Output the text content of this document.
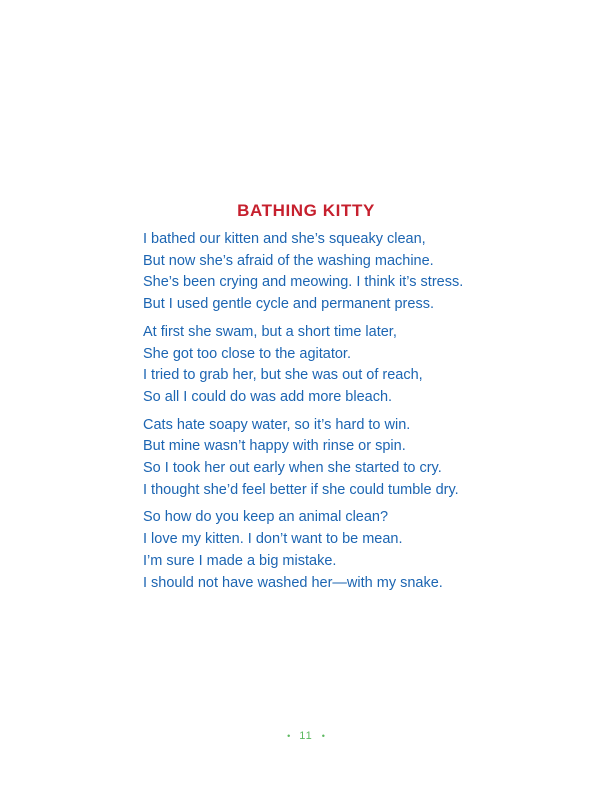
BATHING KITTY
I bathed our kitten and she’s squeaky clean,
But now she’s afraid of the washing machine.
She’s been crying and meowing. I think it’s stress.
But I used gentle cycle and permanent press.
At first she swam, but a short time later,
She got too close to the agitator.
I tried to grab her, but she was out of reach,
So all I could do was add more bleach.
Cats hate soapy water, so it’s hard to win.
But mine wasn’t happy with rinse or spin.
So I took her out early when she started to cry.
I thought she’d feel better if she could tumble dry.
So how do you keep an animal clean?
I love my kitten. I don’t want to be mean.
I’m sure I made a big mistake.
I should not have washed her—with my snake.
• 11 •
